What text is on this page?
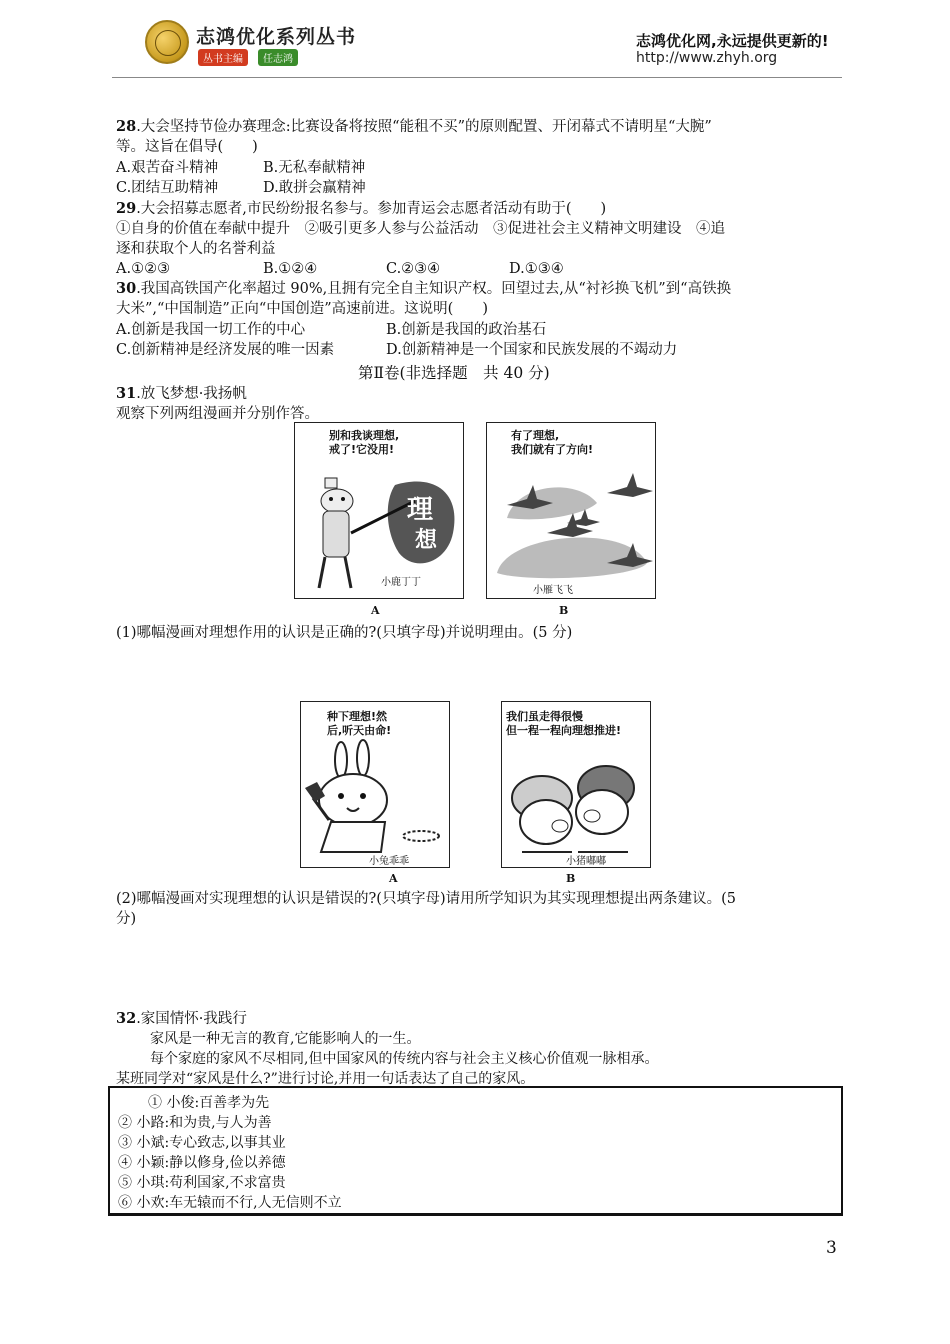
志鸿优化系列丛书
丛书主编	任志鸿
志鸿优化网,永远提供更新的!
http://www.zhyh.org
28.大会坚持节俭办赛理念:比赛设备将按照“能租不买”的原则配置、开闭幕式不请明星“大腕”
等。这旨在倡导(　　)
A.艰苦奋斗精神	B.无私奉献精神
C.团结互助精神	D.敢拼会赢精神
29.大会招募志愿者,市民纷纷报名参与。参加青运会志愿者活动有助于(　　)
①自身的价值在奉献中提升　②吸引更多人参与公益活动　③促进社会主义精神文明建设　④追
逐和获取个人的名誉利益
A.①②③	B.①②④	C.②③④	D.①③④
30.我国高铁国产化率超过 90%,且拥有完全自主知识产权。回望过去,从“衬衫换飞机”到“高铁换
大米”,“中国制造”正向“中国创造”高速前进。这说明(　　)
A.创新是我国一切工作的中心	B.创新是我国的政治基石
C.创新精神是经济发展的唯一因素	D.创新精神是一个国家和民族发展的不竭动力
第Ⅱ卷(非选择题　共 40 分)
31.放飞梦想·我扬帆
观察下列两组漫画并分别作答。
别和我谈理想,
戒了!它没用!
理
想
小鹿丁丁
有了理想,
我们就有了方向!
小雁飞飞
A	B
(1)哪幅漫画对理想作用的认识是正确的?(只填字母)并说明理由。(5 分)
种下理想!然
后,听天由命!
小兔乖乖
我们虽走得很慢
但一程一程向理想推进!
小猪嘟嘟
A	B
(2)哪幅漫画对实现理想的认识是错误的?(只填字母)请用所学知识为其实现理想提出两条建议。(5
分)
32.家国情怀·我践行
家风是一种无言的教育,它能影响人的一生。
每个家庭的家风不尽相同,但中国家风的传统内容与社会主义核心价值观一脉相承。
某班同学对“家风是什么?”进行讨论,并用一句话表达了自己的家风。
① 小俊:百善孝为先
② 小路:和为贵,与人为善
③ 小斌:专心致志,以事其业
④ 小颖:静以修身,俭以养德
⑤ 小琪:苟利国家,不求富贵
⑥ 小欢:车无辕而不行,人无信则不立
3
